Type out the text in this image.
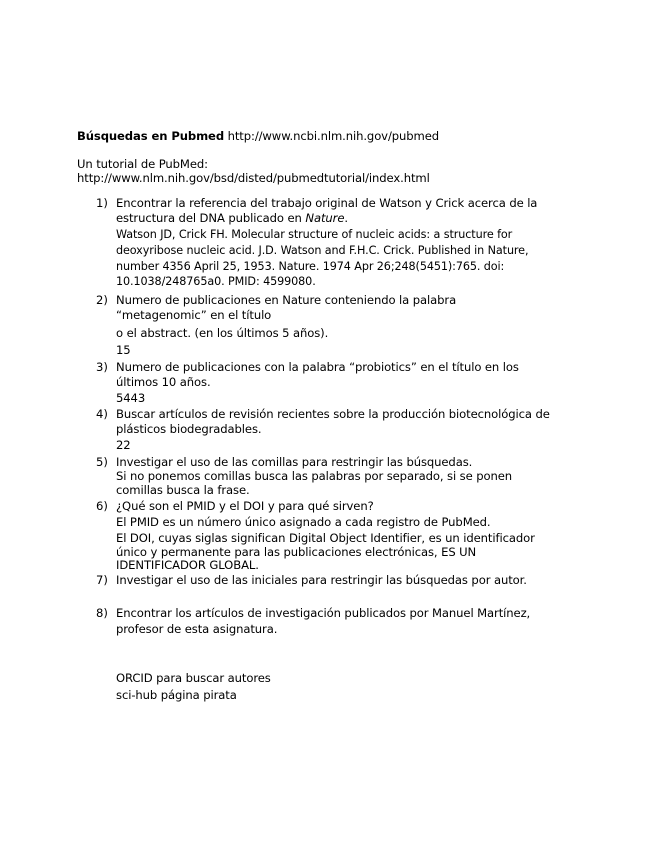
Búsquedas en Pubmed http://www.ncbi.nlm.nih.gov/pubmed
Un tutorial de PubMed:
http://www.nlm.nih.gov/bsd/disted/pubmedtutorial/index.html
1) Encontrar la referencia del trabajo original de Watson y Crick acerca de la
estructura del DNA publicado en Nature.
Watson JD, Crick FH. Molecular structure of nucleic acids: a structure for
deoxyribose nucleic acid. J.D. Watson and F.H.C. Crick. Published in Nature,
number 4356 April 25, 1953. Nature. 1974 Apr 26;248(5451):765. doi:
10.1038/248765a0. PMID: 4599080.
2) Numero de publicaciones en Nature conteniendo la palabra
“metagenomic” en el título
o el abstract. (en los últimos 5 años).
15
3) Numero de publicaciones con la palabra “probiotics” en el título en los
últimos 10 años.
5443
4) Buscar artículos de revisión recientes sobre la producción biotecnológica de
plásticos biodegradables.
22
5) Investigar el uso de las comillas para restringir las búsquedas.
Si no ponemos comillas busca las palabras por separado, si se ponen
comillas busca la frase.
6) ¿Qué son el PMID y el DOI y para qué sirven?
El PMID es un número único asignado a cada registro de PubMed.
El DOI, cuyas siglas significan Digital Object Identifier, es un identificador
único y permanente para las publicaciones electrónicas, ES UN
IDENTIFICADOR GLOBAL.
7) Investigar el uso de las iniciales para restringir las búsquedas por autor.
8) Encontrar los artículos de investigación publicados por Manuel Martínez,
profesor de esta asignatura.
ORCID para buscar autores
sci-hub página pirata
